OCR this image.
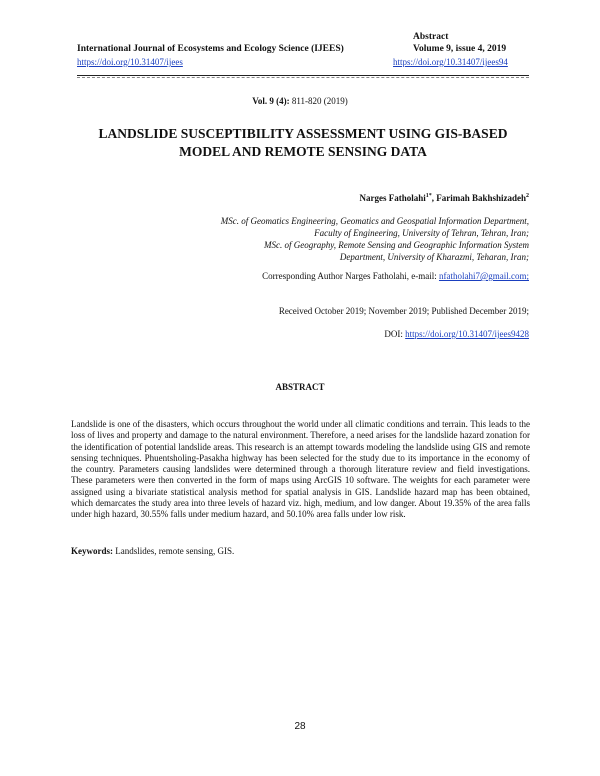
Abstract
International Journal of Ecosystems and Ecology Science (IJEES)
https://doi.org/10.31407/ijees
Volume 9, issue 4, 2019
https://doi.org/10.31407/ijees94
Vol. 9 (4): 811-820 (2019)
LANDSLIDE SUSCEPTIBILITY ASSESSMENT USING GIS-BASED
MODEL AND REMOTE SENSING DATA
Narges Fatholahi$^{1*}$, Farimah Bakhshizadeh$^2$
MSc. of Geomatics Engineering, Geomatics and Geospatial Information Department,
Faculty of Engineering, University of Tehran, Tehran, Iran;
MSc. of Geography, Remote Sensing and Geographic Information System
Department, University of Kharazmi, Teharan, Iran;
Corresponding Author Narges Fatholahi, e-mail: nfatholahi7@gmail.com;
Received October 2019; November 2019; Published December 2019;
DOI: https://doi.org/10.31407/ijees9428
ABSTRACT
Landslide is one of the disasters, which occurs throughout the world under all climatic conditions and terrain. This leads to the loss of lives and property and damage to the natural environment. Therefore, a need arises for the landslide hazard zonation for the identification of potential landslide areas. This research is an attempt towards modeling the landslide using GIS and remote sensing techniques. Phuentsholing-Pasakha highway has been selected for the study due to its importance in the economy of the country. Parameters causing landslides were determined through a thorough literature review and field investigations. These parameters were then converted in the form of maps using ArcGIS 10 software. The weights for each parameter were assigned using a bivariate statistical analysis method for spatial analysis in GIS. Landslide hazard map has been obtained, which demarcates the study area into three levels of hazard viz. high, medium, and low danger. About 19.35% of the area falls under high hazard, 30.55% falls under medium hazard, and 50.10% area falls under low risk.
Keywords: Landslides, remote sensing, GIS.
28
